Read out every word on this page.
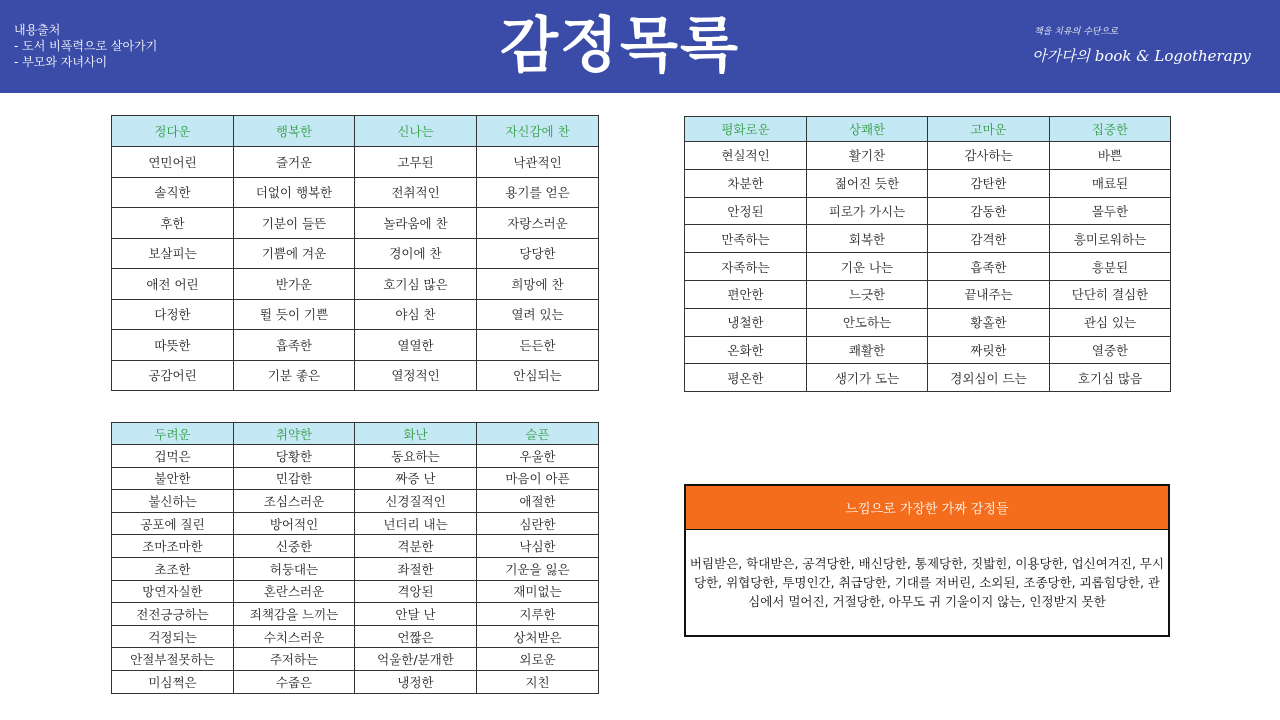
내용출처
- 도서 비폭력으로 살아가기
- 부모와 자녀사이	감정목록	책을 치유의 수단으로
아가다의 book & Logotherapy
정다운	행복한	신나는	자신감에 찬
연민어린	즐거운	고무된	낙관적인
솔직한	더없이 행복한	전취적인	용기를 얻은
후한	기분이 들뜬	놀라움에 찬	자랑스러운
보살피는	기쁨에 겨운	경이에 찬	당당한
애전 어린	반가운	호기심 많은	희망에 찬
다정한	뛸 듯이 기쁜	야심 찬	열려 있는
따뜻한	흡족한	열열한	든든한
공감어린	기분 좋은	열정적인	안심되는
평화로운	상쾌한	고마운	집중한
현실적인	활기찬	감사하는	바쁜
차분한	젊어진 듯한	감탄한	매료된
안정된	피로가 가시는	감동한	몰두한
만족하는	회복한	감격한	흥미로워하는
자족하는	기운 나는	흡족한	흥분된
편안한	느긋한	끝내주는	단단히 결심한
냉철한	안도하는	황홀한	관심 있는
온화한	쾌활한	짜릿한	열중한
평온한	생기가 도는	경외심이 드는	호기심 많음
두려운	취약한	화난	슬픈
겁먹은	당황한	동요하는	우울한
불안한	민감한	짜증 난	마음이 아픈
불신하는	조심스러운	신경질적인	애절한
공포에 질린	방어적인	넌더리 내는	심란한
조마조마한	신중한	격분한	낙심한
초조한	허둥대는	좌절한	기운을 잃은
망연자실한	혼란스러운	격앙된	재미없는
전전긍긍하는	죄책감을 느끼는	안달 난	지루한
걱정되는	수치스러운	언짢은	상처받은
안절부절못하는	주저하는	억울한/분개한	외로운
미심쩍은	수줍은	냉정한	지친
느낌으로 가장한 가짜 감정들
버림받은, 학대받은, 공격당한, 배신당한, 통제당한, 짓밟힌, 이용당한, 업신여겨진, 무시당한, 위협당한, 투명인간, 취급당한, 기대를 저버린, 소외된, 조종당한, 괴롭힘당한, 관심에서 멀어진, 거절당한, 아무도 귀 기울이지 않는, 인정받지 못한
